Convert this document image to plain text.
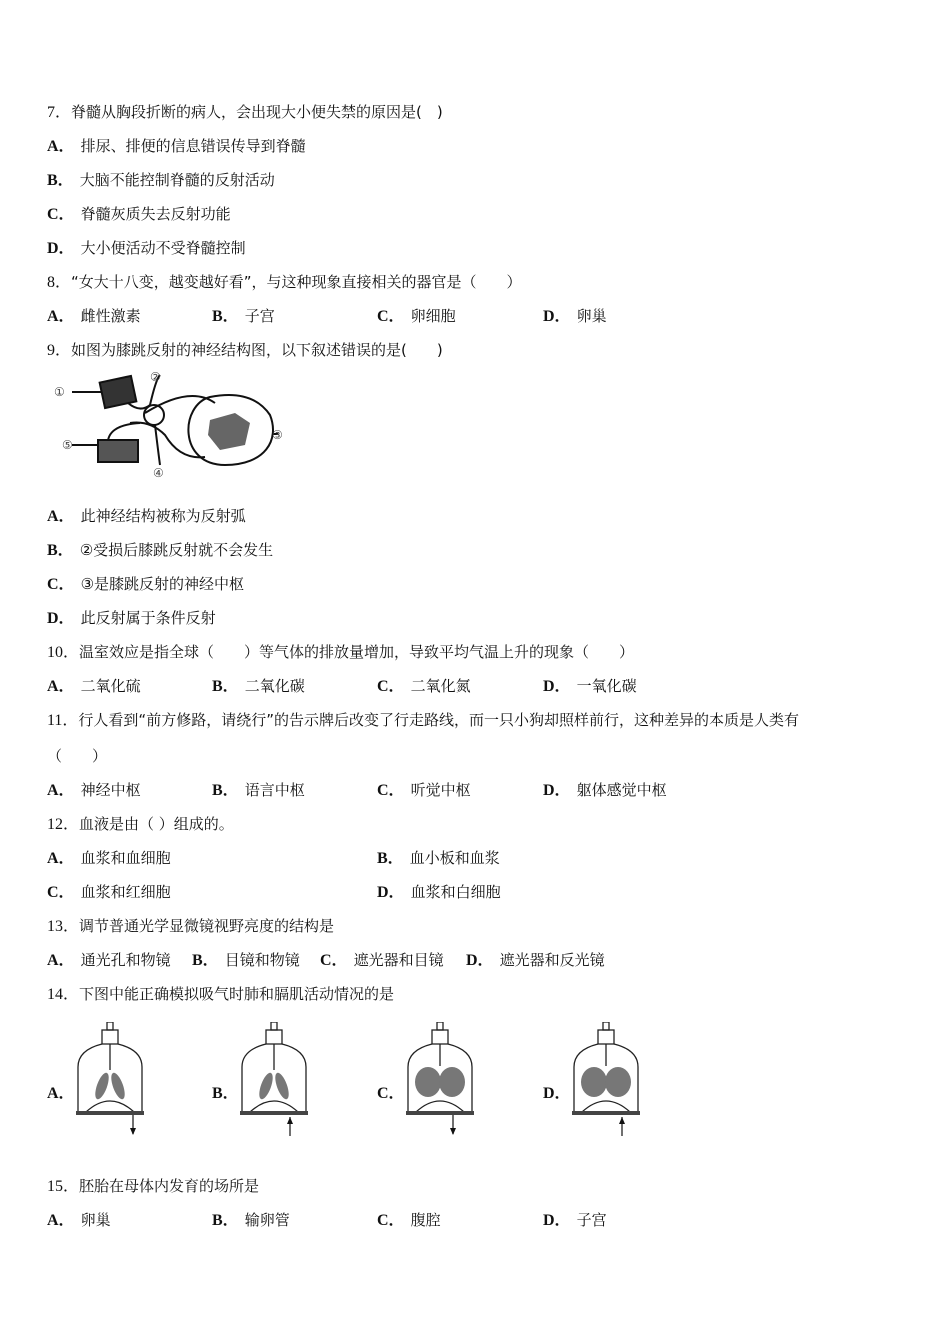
7．脊髓从胸段折断的病人，会出现大小便失禁的原因是(　)
A． 排尿、排便的信息错误传导到脊髓
B． 大脑不能控制脊髓的反射活动
C． 脊髓灰质失去反射功能
D． 大小便活动不受脊髓控制
8．“女大十八变，越变越好看”，与这种现象直接相关的器官是（　　）
A． 雌性激素	B． 子宫	C． 卵细胞	D． 卵巢
9．如图为膝跳反射的神经结构图，以下叙述错误的是(　　)
①
②
③
④
⑤
A． 此神经结构被称为反射弧
B． ②受损后膝跳反射就不会发生
C． ③是膝跳反射的神经中枢
D． 此反射属于条件反射
10．温室效应是指全球（　　）等气体的排放量增加，导致平均气温上升的现象（　　）
A． 二氧化硫	B． 二氧化碳	C． 二氧化氮	D． 一氧化碳
11．行人看到“前方修路，请绕行”的告示牌后改变了行走路线，而一只小狗却照样前行，这种差异的本质是人类有
（　　）
A． 神经中枢	B． 语言中枢	C． 听觉中枢	D． 躯体感觉中枢
12．血液是由（ ）组成的。
A． 血浆和血细胞	B． 血小板和血浆
C． 血浆和红细胞	D． 血浆和白细胞
13．调节普通光学显微镜视野亮度的结构是
A． 通光孔和物镜 B． 目镜和物镜 C． 遮光器和目镜 D． 遮光器和反光镜
14．下图中能正确模拟吸气时肺和膈肌活动情况的是
A．	B．	C．	D．
15．胚胎在母体内发育的场所是
A． 卵巢	B． 输卵管	C． 腹腔	D． 子宫
